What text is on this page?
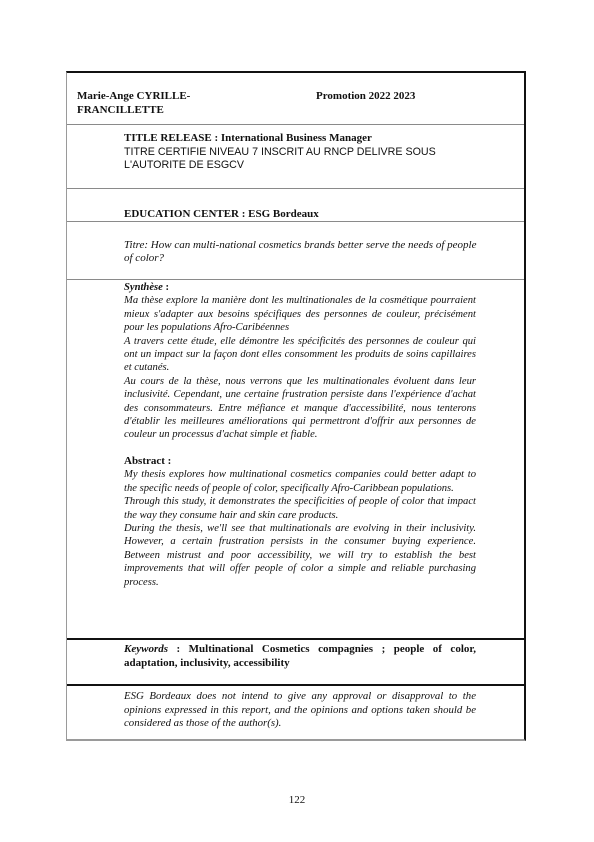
Marie-Ange CYRILLE-
FRANCILLETTE
Promotion 2022 2023
TITLE RELEASE : International Business Manager
TITRE CERTIFIE NIVEAU 7 INSCRIT AU RNCP DELIVRE SOUS L'AUTORITE DE ESGCV
EDUCATION CENTER : ESG Bordeaux
Titre: How can multi-national cosmetics brands better serve the needs of people of color?
Synthèse :

Ma thèse explore la manière dont les multinationales de la cosmétique pourraient mieux s'adapter aux besoins spécifiques des personnes de couleur, précisément pour les populations Afro-Caribéennes

A travers cette étude, elle démontre les spécificités des personnes de couleur qui ont un impact sur la façon dont elles consomment les produits de soins capillaires et cutanés.

Au cours de la thèse, nous verrons que les multinationales évoluent dans leur inclusivité. Cependant, une certaine frustration persiste dans l'expérience d'achat des consommateurs. Entre méfiance et manque d'accessibilité, nous tenterons d'établir les meilleures améliorations qui permettront d'offrir aux personnes de couleur un processus d'achat simple et fiable.

Abstract :

My thesis explores how multinational cosmetics companies could better adapt to the specific needs of people of color, specifically Afro-Caribbean populations.

Through this study, it demonstrates the specificities of people of color that impact the way they consume hair and skin care products.

During the thesis, we'll see that multinationals are evolving in their inclusivity. However, a certain frustration persists in the consumer buying experience. Between mistrust and poor accessibility, we will try to establish the best improvements that will offer people of color a simple and reliable purchasing process.

Keywords : Multinational Cosmetics compagnies ; people of color, adaptation, inclusivity, accessibility
ESG Bordeaux does not intend to give any approval or disapproval to the opinions expressed in this report, and the opinions and options taken should be considered as those of the author(s).
122
